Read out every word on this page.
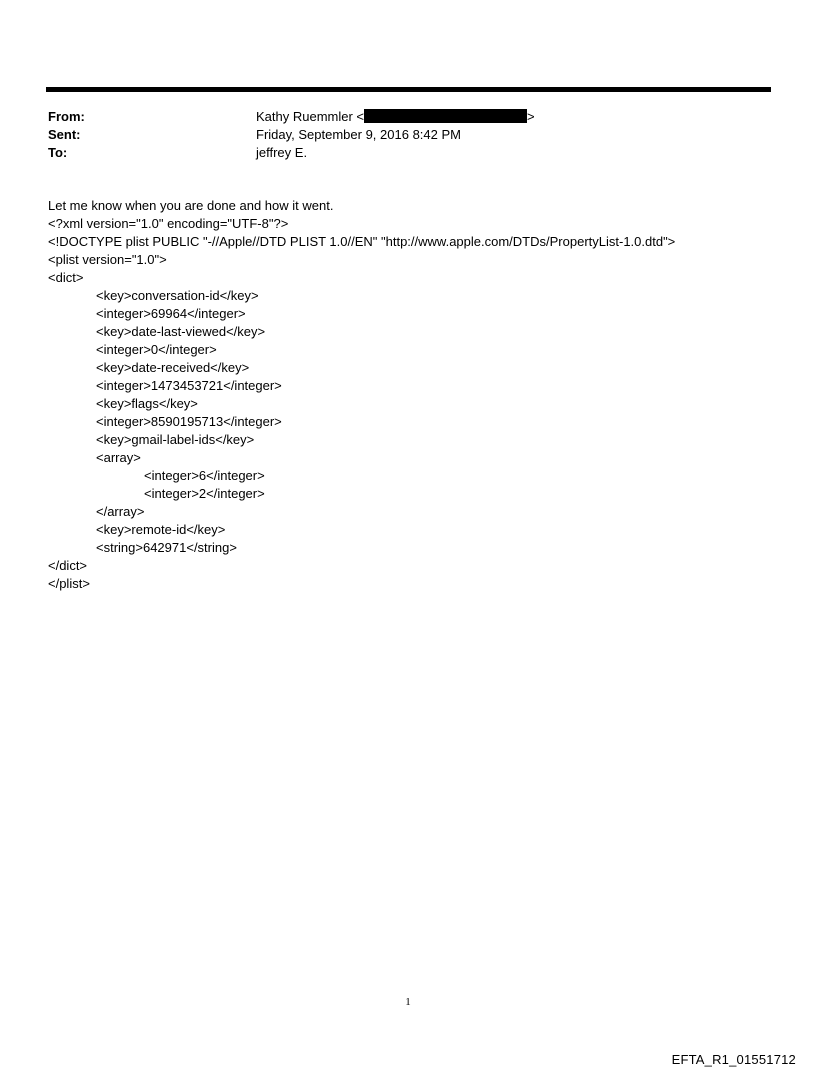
From:	Kathy Ruemmler <	>
Sent:	Friday, September 9, 2016 8:42 PM
To:	jeffrey E.
Let me know when you are done and how it went.
<?xml version="1.0" encoding="UTF-8"?>
<!DOCTYPE plist PUBLIC "-//Apple//DTD PLIST 1.0//EN" "http://www.apple.com/DTDs/PropertyList-1.0.dtd">
<plist version="1.0">
<dict>
<key>conversation-id</key>
<integer>69964</integer>
<key>date-last-viewed</key>
<integer>0</integer>
<key>date-received</key>
<integer>1473453721</integer>
<key>flags</key>
<integer>8590195713</integer>
<key>gmail-label-ids</key>
<array>
<integer>6</integer>
<integer>2</integer>
</array>
<key>remote-id</key>
<string>642971</string>
</dict>
</plist>
1
EFTA_R1_01551712
